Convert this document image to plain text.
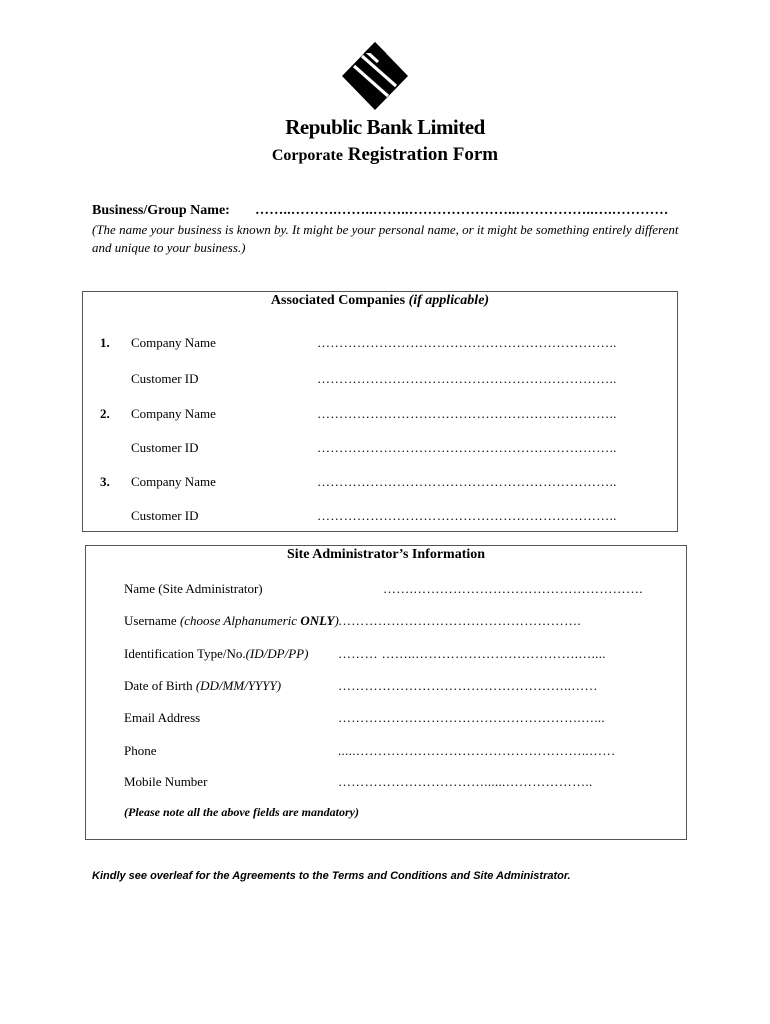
Republic Bank Limited
Corporate Registration Form
Business/Group Name: ……..……….……..……..…………………..……………..….…………
(The name your business is known by. It might be your personal name, or it might be something entirely different and unique to your business.)
Associated Companies (if applicable)
1. Company Name	…………………………………………………………..
Customer ID	…………………………………………………………..
2. Company Name	…………………………………………………………..
Customer ID	…………………………………………………………..
3. Company Name	…………………………………………………………..
Customer ID	…………………………………………………………..
Site Administrator’s Information
Name (Site Administrator)	…….…………………………………………….
Username (choose Alphanumeric ONLY) ……………………………………………….
Identification Type/No.(ID/DP/PP) ……… ……..……………………………….…....
Date of Birth (DD/MM/YYYY)	……………………………………………..……
Email Address	……………………………………………….…...
Phone	.....……………………………………………..……
Mobile Number	……………………………......………………..
(Please note all the above fields are mandatory)
Kindly see overleaf for the Agreements to the Terms and Conditions and Site Administrator.
